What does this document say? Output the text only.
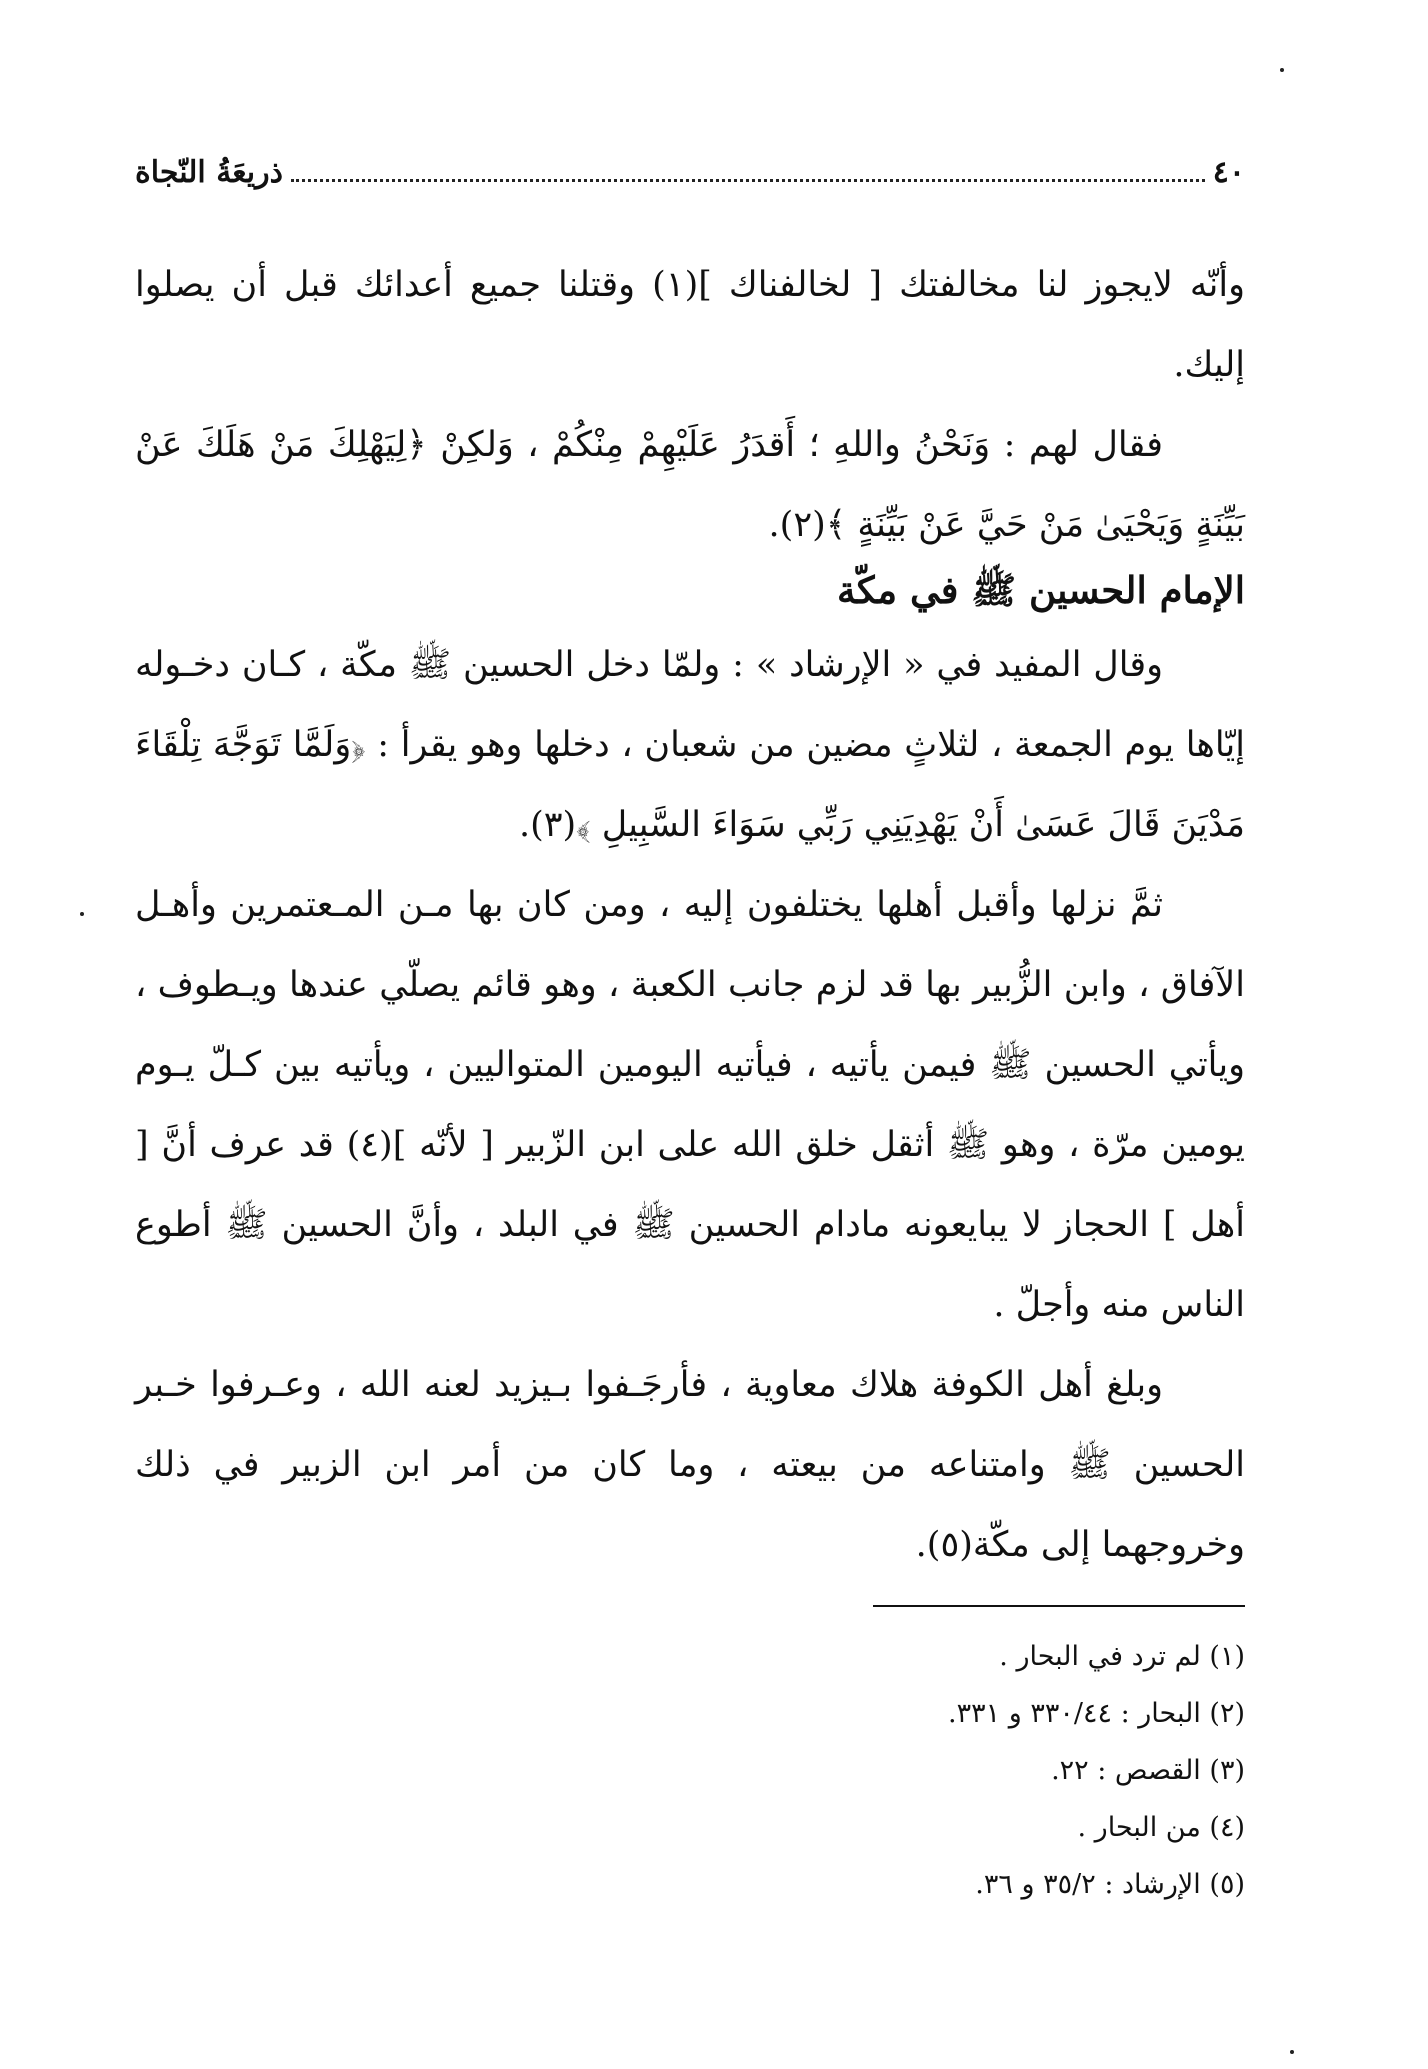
٤٠
ذريعَةُ النّجاة

وأنّه لايجوز لنا مخالفتك [ لخالفناك ](١) وقتلنا جميع أعدائك قبل أن يصلوا إليك.

فقال لهم : وَنَحْنُ واللهِ ؛ أَقدَرُ عَلَيْهِمْ مِنْكُمْ ، وَلكِنْ ﴿لِيَهْلِكَ مَنْ هَلَكَ عَنْ بَيِّنَةٍ وَيَحْيَىٰ مَنْ حَيَّ عَنْ بَيِّنَةٍ ﴾(٢).

الإمام الحسين ﷺ في مكّة

وقال المفيد في « الإرشاد » : ولمّا دخل الحسين ﷺ مكّة ، كـان دخـوله إيّاها يوم الجمعة ، لثلاثٍ مضين من شعبان ، دخلها وهو يقرأ : ﴿وَلَمَّا تَوَجَّهَ تِلْقَاءَ مَدْيَنَ قَالَ عَسَىٰ أَنْ يَهْدِيَنِي رَبِّي سَوَاءَ السَّبِيلِ ﴾(٣).

ثمَّ نزلها وأقبل أهلها يختلفون إليه ، ومن كان بها مـن المـعتمرين وأهـل الآفاق ، وابن الزُّبير بها قد لزم جانب الكعبة ، وهو قائم يصلّي عندها ويـطوف ، ويأتي الحسين ﷺ فيمن يأتيه ، فيأتيه اليومين المتواليين ، ويأتيه بين كـلّ يـوم يومين مرّة ، وهو ﷺ أثقل خلق الله على ابن الزّبير [ لأنّه ](٤) قد عرف أنَّ [ أهل ] الحجاز لا يبايعونه مادام الحسين ﷺ في البلد ، وأنَّ الحسين ﷺ أطوع الناس منه وأجلّ .

وبلغ أهل الكوفة هلاك معاوية ، فأرجَـفوا بـيزيد لعنه الله ، وعـرفوا خـبر الحسين ﷺ وامتناعه من بيعته ، وما كان من أمر ابن الزبير في ذلك وخروجهما إلى مكّة(٥).

(١) لم ترد في البحار .
(٢) البحار : ٣٣٠/٤٤ و ٣٣١.
(٣) القصص : ٢٢.
(٤) من البحار .
(٥) الإرشاد : ٣٥/٢ و ٣٦.
